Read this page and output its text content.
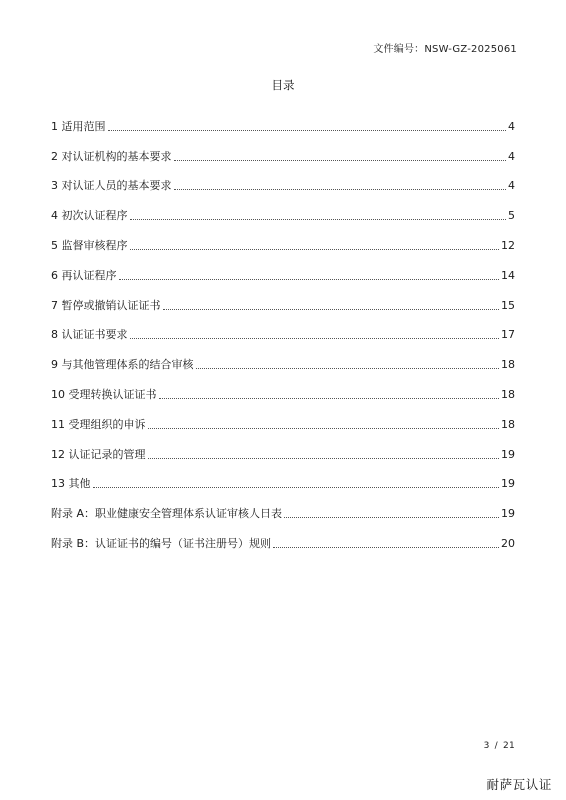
文件编号：NSW-GZ-2025061
目录
1 适用范围	4
2 对认证机构的基本要求	4
3 对认证人员的基本要求	4
4 初次认证程序	5
5 监督审核程序	12
6 再认证程序	14
7 暂停或撤销认证证书	15
8 认证证书要求	17
9 与其他管理体系的结合审核	18
10 受理转换认证证书	18
11 受理组织的申诉	18
12 认证记录的管理	19
13 其他	19
附录 A：职业健康安全管理体系认证审核人日表	19
附录 B：认证证书的编号（证书注册号）规则	20
3 / 21
耐萨瓦认证
